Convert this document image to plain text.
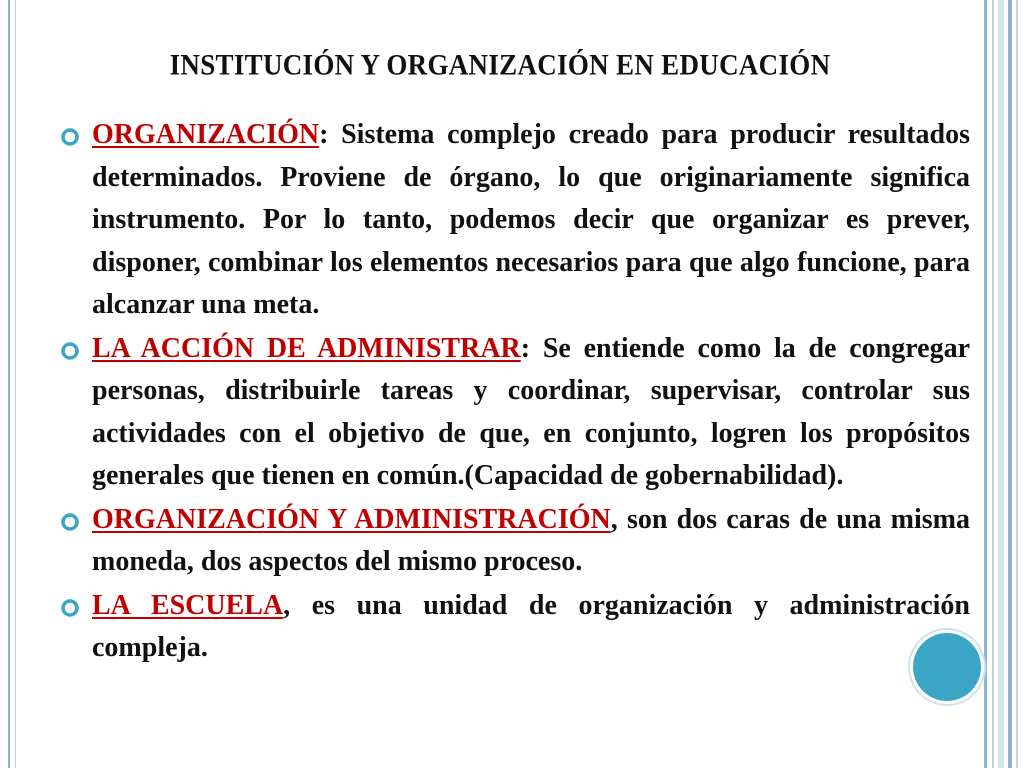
INSTITUCIÓN Y ORGANIZACIÓN EN EDUCACIÓN
ORGANIZACIÓN: Sistema complejo creado para producir resultados determinados. Proviene de órgano, lo que originariamente significa instrumento. Por lo tanto, podemos decir que organizar es prever, disponer, combinar los elementos necesarios para que algo funcione, para alcanzar una meta.
LA ACCIÓN DE ADMINISTRAR: Se entiende como la de congregar personas, distribuirle tareas y coordinar, supervisar, controlar sus actividades con el objetivo de que, en conjunto, logren los propósitos generales que tienen en común.(Capacidad de gobernabilidad).
ORGANIZACIÓN Y ADMINISTRACIÓN, son dos caras de una misma moneda, dos aspectos del mismo proceso.
LA ESCUELA, es una unidad de organización y administración compleja.
